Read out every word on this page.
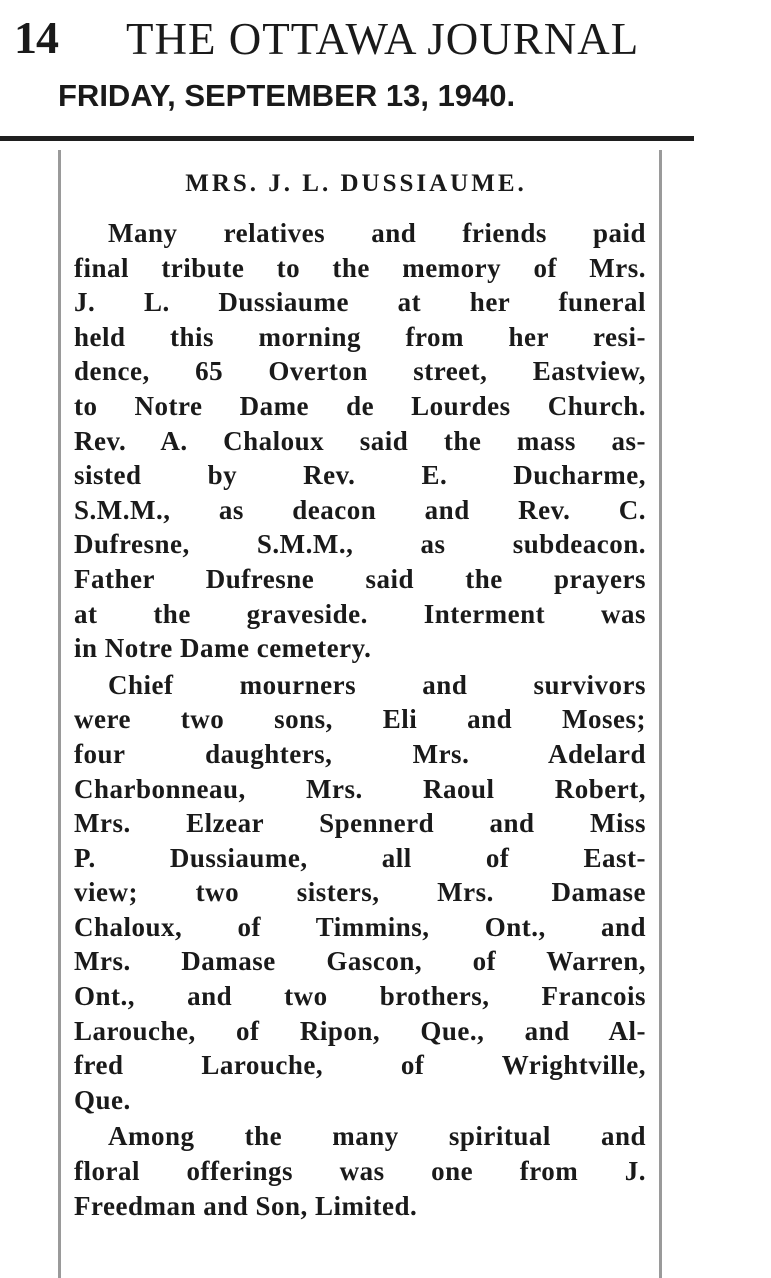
14 THE OTTAWA JOURNAL
FRIDAY, SEPTEMBER 13, 1940.
MRS. J. L. DUSSIAUME.
Many relatives and friends paid
final tribute to the memory of Mrs.
J. L. Dussiaume at her funeral
held this morning from her resi-
dence, 65 Overton street, Eastview,
to Notre Dame de Lourdes Church.
Rev. A. Chaloux said the mass as-
sisted by Rev. E. Ducharme,
S.M.M., as deacon and Rev. C.
Dufresne, S.M.M., as subdeacon.
Father Dufresne said the prayers
at the graveside. Interment was
in Notre Dame cemetery.
Chief mourners and survivors
were two sons, Eli and Moses;
four daughters, Mrs. Adelard
Charbonneau, Mrs. Raoul Robert,
Mrs. Elzear Spennerd and Miss
P. Dussiaume, all of East-
view; two sisters, Mrs. Damase
Chaloux, of Timmins, Ont., and
Mrs. Damase Gascon, of Warren,
Ont., and two brothers, Francois
Larouche, of Ripon, Que., and Al-
fred Larouche, of Wrightville,
Que.
Among the many spiritual and
floral offerings was one from J.
Freedman and Son, Limited.
